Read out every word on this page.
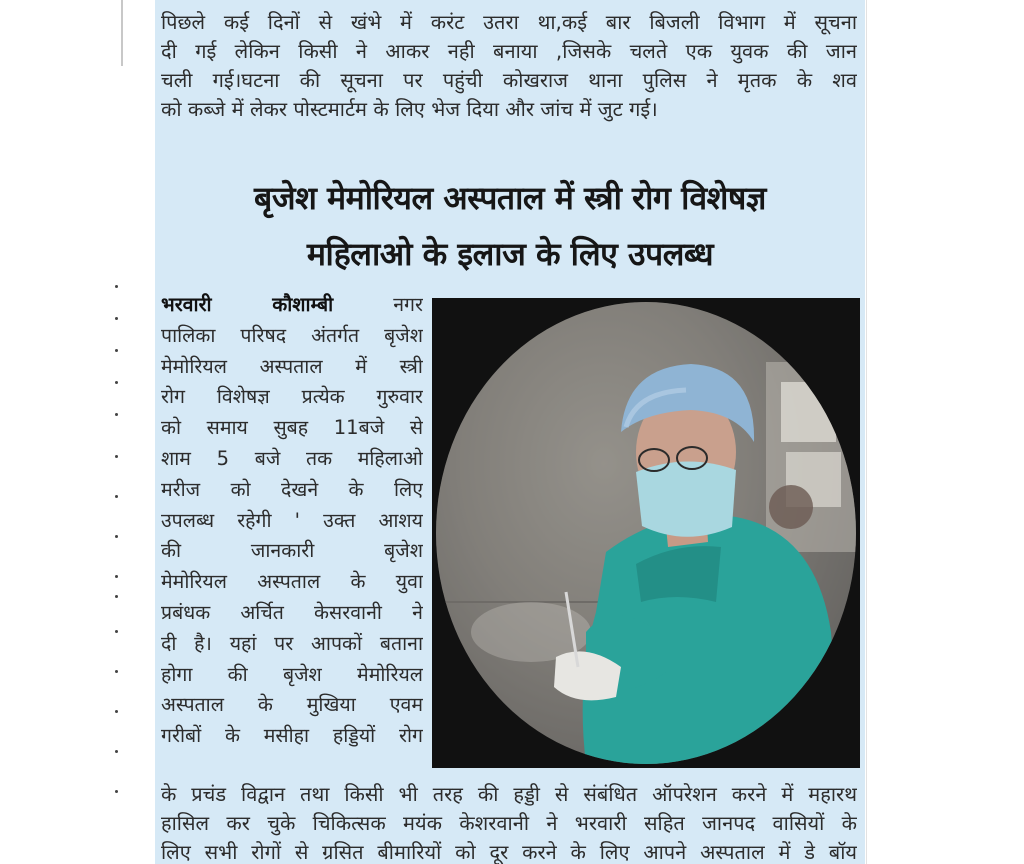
पिछले कई दिनों से खंभे में करंट उतरा था,कई बार बिजली विभाग में सूचना
दी गई लेकिन किसी ने आकर नही बनाया ,जिसके चलते एक युवक की जान
चली गई।घटना की सूचना पर पहुंची कोखराज थाना पुलिस ने मृतक के शव
को कब्जे में लेकर पोस्टमार्टम के लिए भेज दिया और जांच में जुट गई।
बृजेश मेमोरियल अस्पताल में स्त्री रोग विशेषज्ञ
महिलाओ के इलाज के लिए उपलब्ध
भरवारी कौशाम्बी	नगर
पालिका परिषद अंतर्गत बृजेश
मेमोरियल अस्पताल में स्त्री
रोग विशेषज्ञ प्रत्येक गुरुवार
को समाय सुबह 11बजे से
शाम 5 बजे तक महिलाओ
मरीज को देखने के लिए
उपलब्ध रहेगी ' उक्त आशय
की जानकारी बृजेश
मेमोरियल अस्पताल के युवा
प्रबंधक अर्चित केसरवानी ने
दी है। यहां पर आपकों बताना
होगा की बृजेश मेमोरियल
अस्पताल के मुखिया एवम
गरीबों के मसीहा हड्डियों रोग
के प्रचंड विद्वान तथा किसी भी तरह की हड्डी से संबंधित ऑपरेशन करने में महारथ
हासिल कर चुके चिकित्सक मयंक केशरवानी ने भरवारी सहित जानपद वासियों के
लिए सभी रोगों से ग्रसित बीमारियों को दूर करने के लिए आपने अस्पताल में डे बॉय
